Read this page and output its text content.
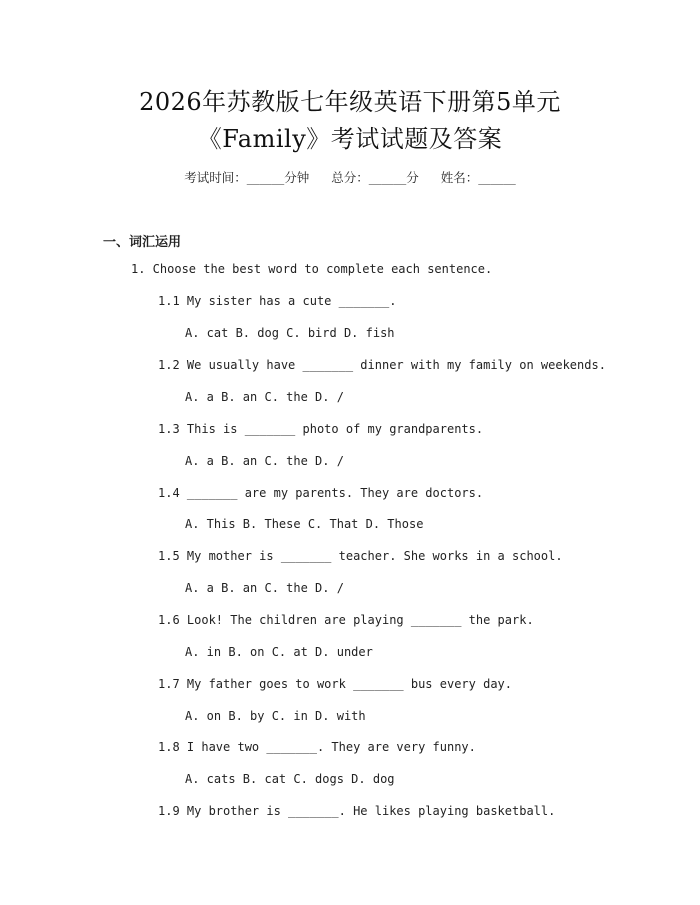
2026年苏教版七年级英语下册第5单元
《Family》考试试题及答案
考试时间：______分钟 总分：______分 姓名：______
一、词汇运用
1. Choose the best word to complete each sentence.
1.1 My sister has a cute _______.
A. cat B. dog C. bird D. fish
1.2 We usually have _______ dinner with my family on weekends.
A. a B. an C. the D. /
1.3 This is _______ photo of my grandparents.
A. a B. an C. the D. /
1.4 _______ are my parents. They are doctors.
A. This B. These C. That D. Those
1.5 My mother is _______ teacher. She works in a school.
A. a B. an C. the D. /
1.6 Look! The children are playing _______ the park.
A. in B. on C. at D. under
1.7 My father goes to work _______ bus every day.
A. on B. by C. in D. with
1.8 I have two _______. They are very funny.
A. cats B. cat C. dogs D. dog
1.9 My brother is _______. He likes playing basketball.
